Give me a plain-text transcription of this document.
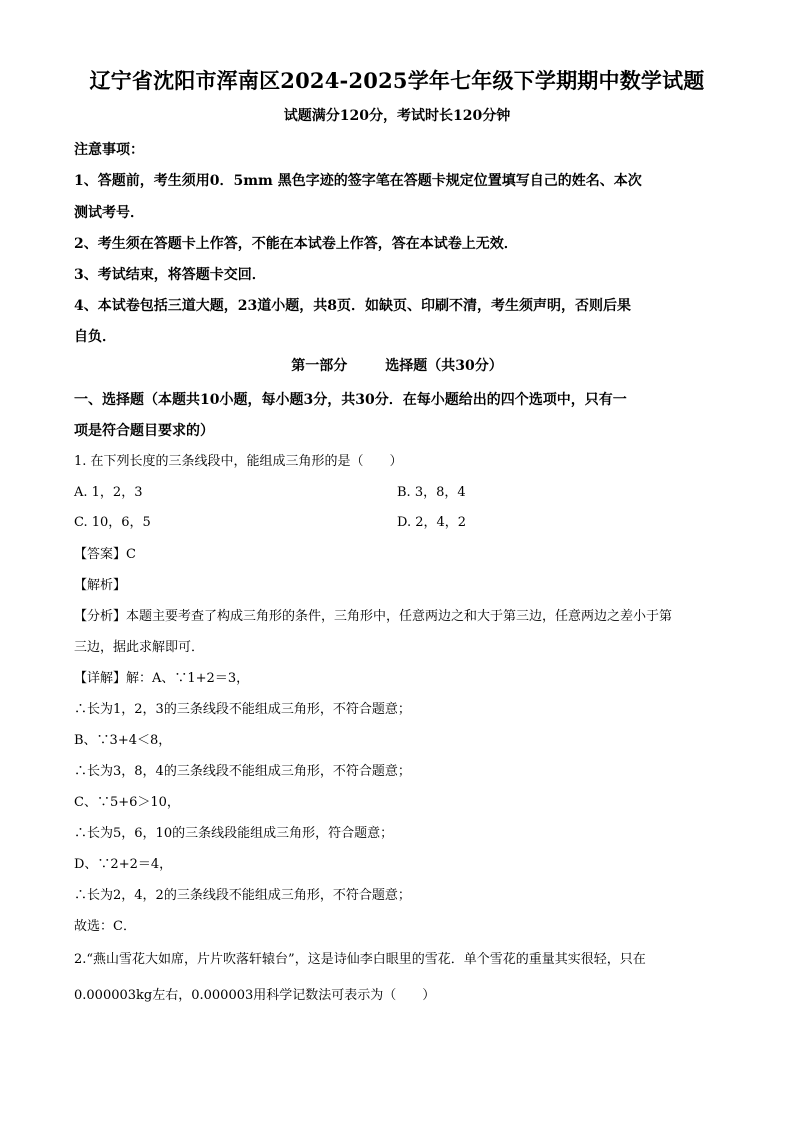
辽宁省沈阳市浑南区2024-2025学年七年级下学期期中数学试题
试题满分120分，考试时长120分钟
注意事项：
1、答题前，考生须用0．5mm 黑色字迹的签字笔在答题卡规定位置填写自己的姓名、本次
测试考号．
2、考生须在答题卡上作答，不能在本试卷上作答，答在本试卷上无效．
3、考试结束，将答题卡交回．
4、本试卷包括三道大题，23道小题，共8页．如缺页、印刷不清，考生须声明，否则后果
自负．
第一部分	选择题（共30分）
一、选择题（本题共10小题，每小题3分，共30分．在每小题给出的四个选项中，只有一
项是符合题目要求的）
1. 在下列长度的三条线段中，能组成三角形的是（　　）
A. 1，2，3	B. 3，8，4
C. 10，6，5	D. 2，4，2
【答案】C
【解析】
【分析】本题主要考查了构成三角形的条件，三角形中，任意两边之和大于第三边，任意两边之差小于第
三边，据此求解即可．
【详解】解：A、∵1+2＝3，
∴长为1，2，3的三条线段不能组成三角形，不符合题意；
B、∵3+4＜8，
∴长为3，8，4的三条线段不能组成三角形，不符合题意；
C、∵5+6＞10，
∴长为5，6，10的三条线段能组成三角形，符合题意；
D、∵2+2＝4，
∴长为2，4，2的三条线段不能组成三角形，不符合题意；
故选：C．
2.“燕山雪花大如席，片片吹落轩辕台”，这是诗仙李白眼里的雪花．单个雪花的重量其实很轻，只在
0.000003kg左右，0.000003用科学记数法可表示为（　　）
